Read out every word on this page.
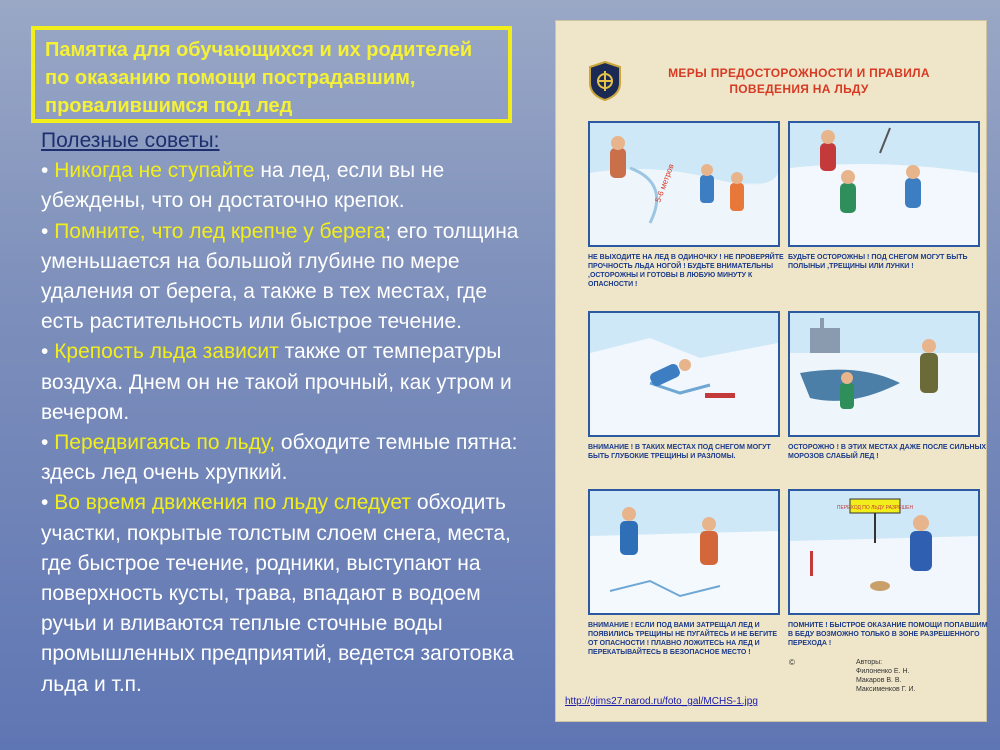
Памятка для обучающихся и их родителей
по оказанию помощи пострадавшим,
провалившимся под лед

Полезные советы:

• Никогда не ступайте на лед, если вы не убеждены, что он достаточно крепок.

• Помните, что лед крепче у берега; его толщина уменьшается на большой глубине по мере удаления от берега, а также в тех местах, где есть растительность или быстрое течение.

• Крепость льда зависит также от температуры воздуха. Днем он не такой прочный, как утром и вечером.

• Передвигаясь по льду, обходите темные пятна: здесь лед очень хрупкий.

• Во время движения по льду следует обходить участки, покрытые толстым слоем снега, места, где быстрое течение, родники, выступают на поверхность кусты, трава, впадают в водоем ручьи и вливаются теплые сточные воды промышленных предприятий, ведется заготовка льда и т.п.

МЕРЫ ПРЕДОСТОРОЖНОСТИ И ПРАВИЛА
ПОВЕДЕНИЯ НА ЛЬДУ
5-6 метров
НЕ ВЫХОДИТЕ НА ЛЕД В ОДИНОЧКУ ! НЕ ПРОВЕРЯЙТЕ ПРОЧНОСТЬ ЛЬДА НОГОЙ ! БУДЬТЕ ВНИМАТЕЛЬНЫ ,ОСТОРОЖНЫ И ГОТОВЫ В ЛЮБУЮ МИНУТУ К ОПАСНОСТИ !
БУДЬТЕ ОСТОРОЖНЫ ! ПОД СНЕГОМ МОГУТ БЫТЬ ПОЛЫНЬИ ,ТРЕЩИНЫ ИЛИ ЛУНКИ !
ВНИМАНИЕ ! В ТАКИХ МЕСТАХ ПОД СНЕГОМ МОГУТ БЫТЬ ГЛУБОКИЕ ТРЕЩИНЫ И РАЗЛОМЫ.
ОСТОРОЖНО ! В ЭТИХ МЕСТАХ ДАЖЕ ПОСЛЕ СИЛЬНЫХ МОРОЗОВ СЛАБЫЙ ЛЕД !
ВНИМАНИЕ ! ЕСЛИ ПОД ВАМИ ЗАТРЕЩАЛ ЛЕД И ПОЯВИЛИСЬ ТРЕЩИНЫ НЕ ПУГАЙТЕСЬ И НЕ БЕГИТЕ ОТ ОПАСНОСТИ ! ПЛАВНО ЛОЖИТЕСЬ НА ЛЕД И ПЕРЕКАТЫВАЙТЕСЬ В БЕЗОПАСНОЕ МЕСТО !
ПЕРЕХОД ПО ЛЬДУ РАЗРЕШЕН
ПОМНИТЕ ! БЫСТРОЕ ОКАЗАНИЕ ПОМОЩИ ПОПАВШИМ В БЕДУ ВОЗМОЖНО ТОЛЬКО В ЗОНЕ РАЗРЕШЕННОГО ПЕРЕХОДА !
©	Авторы:
Филоненко Е. Н.
Макаров В. В.
Максименков Г. И.
http://gims27.narod.ru/foto_gal/MCHS-1.jpg
